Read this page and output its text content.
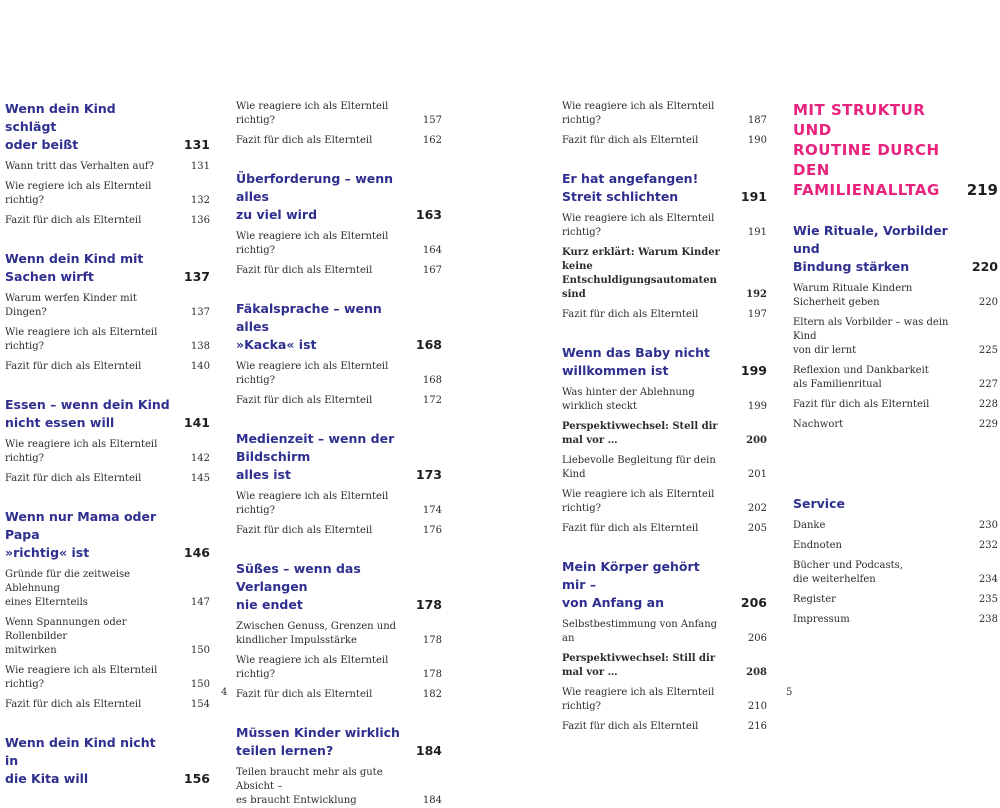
Wenn dein Kind schlägt
oder beißt	131
Wann tritt das Verhalten auf?	131
Wie regiere ich als Elternteil richtig?	132
Fazit für dich als Elternteil	136
Wenn dein Kind mit
Sachen wirft	137
Warum werfen Kinder mit Dingen?	137
Wie reagiere ich als Elternteil richtig?	138
Fazit für dich als Elternteil	140
Essen – wenn dein Kind
nicht essen will	141
Wie reagiere ich als Elternteil richtig?	142
Fazit für dich als Elternteil	145
Wenn nur Mama oder Papa
»richtig« ist	146
Gründe für die zeitweise Ablehnung
eines Elternteils	147
Wenn Spannungen oder Rollenbilder
mitwirken	150
Wie reagiere ich als Elternteil richtig?	150
Fazit für dich als Elternteil	154
Wenn dein Kind nicht in
die Kita will	156
Wie reagiere ich als Elternteil richtig?	157
Fazit für dich als Elternteil	162
Überforderung – wenn alles
zu viel wird	163
Wie reagiere ich als Elternteil richtig?	164
Fazit für dich als Elternteil	167
Fäkalsprache – wenn alles
»Kacka« ist	168
Wie reagiere ich als Elternteil richtig?	168
Fazit für dich als Elternteil	172
Medienzeit – wenn der Bildschirm
alles ist	173
Wie reagiere ich als Elternteil richtig?	174
Fazit für dich als Elternteil	176
Süßes – wenn das Verlangen
nie endet	178
Zwischen Genuss, Grenzen und
kindlicher Impulsstärke	178
Wie reagiere ich als Elternteil richtig?	178
Fazit für dich als Elternteil	182
Müssen Kinder wirklich
teilen lernen?	184
Teilen braucht mehr als gute Absicht –
es braucht Entwicklung	184
Wie reagiere ich als Elternteil richtig?	187
Fazit für dich als Elternteil	190
Er hat angefangen!
Streit schlichten	191
Wie reagiere ich als Elternteil richtig?	191
Kurz erklärt: Warum Kinder keine
Entschuldigungsautomaten sind	192
Fazit für dich als Elternteil	197
Wenn das Baby nicht
willkommen ist	199
Was hinter der Ablehnung
wirklich steckt	199
Perspektivwechsel: Stell dir
mal vor …	200
Liebevolle Begleitung für dein Kind	201
Wie reagiere ich als Elternteil richtig?	202
Fazit für dich als Elternteil	205
Mein Körper gehört mir –
von Anfang an	206
Selbstbestimmung von Anfang an	206
Perspektivwechsel: Still dir
mal vor …	208
Wie reagiere ich als Elternteil richtig?	210
Fazit für dich als Elternteil	216
MIT STRUKTUR UND
ROUTINE DURCH DEN
FAMILIENALLTAG 219
Wie Rituale, Vorbilder und
Bindung stärken	220
Warum Rituale Kindern
Sicherheit geben	220
Eltern als Vorbilder – was dein Kind
von dir lernt	225
Reflexion und Dankbarkeit
als Familienritual	227
Fazit für dich als Elternteil	228
Nachwort	229
Service
Danke	230
Endnoten	232
Bücher und Podcasts,
die weiterhelfen	234
Register	235
Impressum	238
4	5
